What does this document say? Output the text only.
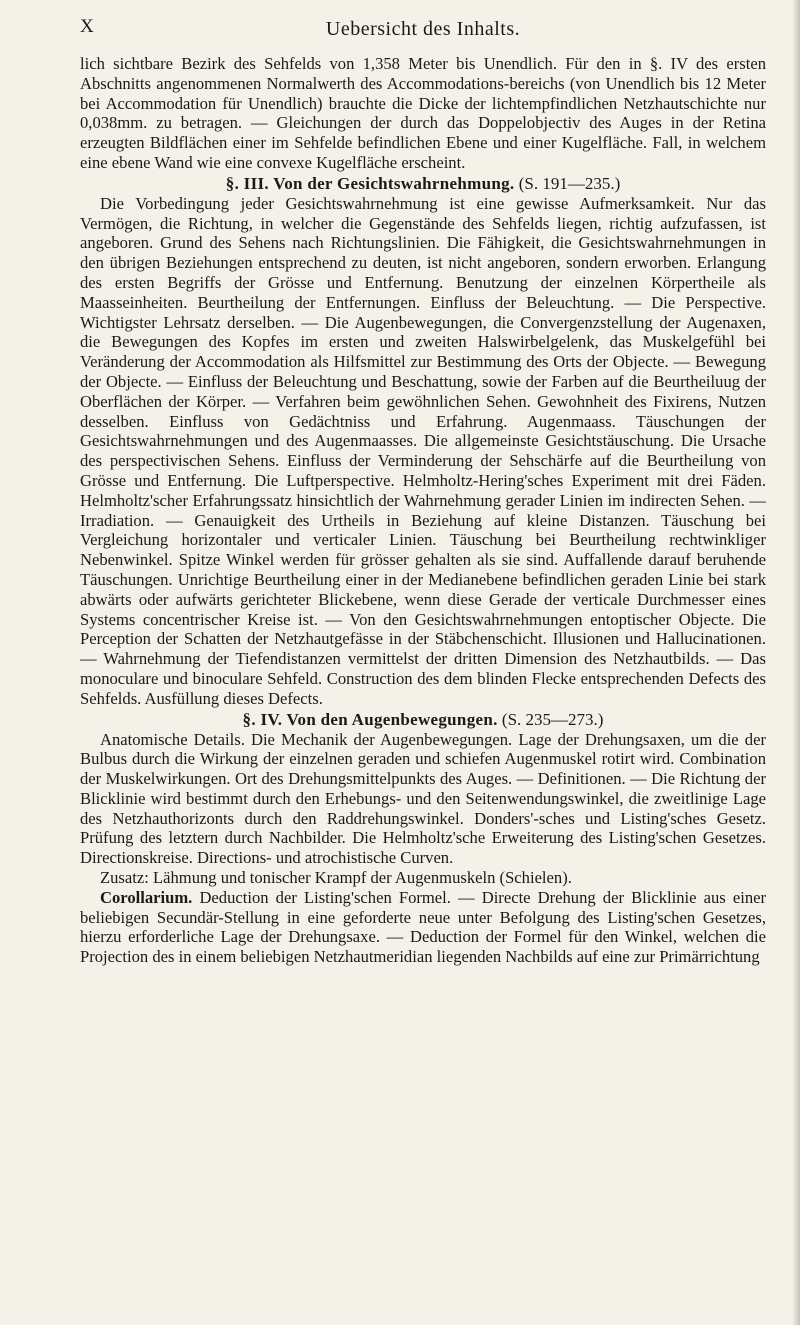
X	Uebersicht des Inhalts.

lich sichtbare Bezirk des Sehfelds von 1,358 Meter bis Unendlich. Für den in §. IV des ersten Abschnitts angenommenen Normalwerth des Accommodations-bereichs (von Unendlich bis 12 Meter bei Accommodation für Unendlich) brauchte die Dicke der lichtempfindlichen Netzhautschichte nur 0,038mm. zu betragen. — Gleichungen der durch das Doppelobjectiv des Auges in der Retina erzeugten Bildflächen einer im Sehfelde befindlichen Ebene und einer Kugelfläche. Fall, in welchem eine ebene Wand wie eine convexe Kugelfläche erscheint.

§. III. Von der Gesichtswahrnehmung. (S. 191—235.)

Die Vorbedingung jeder Gesichtswahrnehmung ist eine gewisse Aufmerksamkeit. Nur das Vermögen, die Richtung, in welcher die Gegenstände des Sehfelds liegen, richtig aufzufassen, ist angeboren. Grund des Sehens nach Richtungslinien. Die Fähigkeit, die Gesichtswahrnehmungen in den übrigen Beziehungen entsprechend zu deuten, ist nicht angeboren, sondern erworben. Erlangung des ersten Begriffs der Grösse und Entfernung. Benutzung der einzelnen Körpertheile als Maasseinheiten. Beurtheilung der Entfernungen. Einfluss der Beleuchtung. — Die Perspective. Wichtigster Lehrsatz derselben. — Die Augenbewegungen, die Convergenzstellung der Augenaxen, die Bewegungen des Kopfes im ersten und zweiten Halswirbelgelenk, das Muskelgefühl bei Veränderung der Accommodation als Hilfsmittel zur Bestimmung des Orts der Objecte. — Bewegung der Objecte. — Einfluss der Beleuchtung und Beschattung, sowie der Farben auf die Beurtheiluug der Oberflächen der Körper. — Verfahren beim gewöhnlichen Sehen. Gewohnheit des Fixirens, Nutzen desselben. Einfluss von Gedächtniss und Erfahrung. Augenmaass. Täuschungen der Gesichtswahrnehmungen und des Augenmaasses. Die allgemeinste Gesichtstäuschung. Die Ursache des perspectivischen Sehens. Einfluss der Verminderung der Sehschärfe auf die Beurtheilung von Grösse und Entfernung. Die Luftperspective. Helmholtz-Hering'sches Experiment mit drei Fäden. Helmholtz'scher Erfahrungssatz hinsichtlich der Wahrnehmung gerader Linien im indirecten Sehen. — Irradiation. — Genauigkeit des Urtheils in Beziehung auf kleine Distanzen. Täuschung bei Vergleichung horizontaler und verticaler Linien. Täuschung bei Beurtheilung rechtwinkliger Nebenwinkel. Spitze Winkel werden für grösser gehalten als sie sind. Auffallende darauf beruhende Täuschungen. Unrichtige Beurtheilung einer in der Medianebene befindlichen geraden Linie bei stark abwärts oder aufwärts gerichteter Blickebene, wenn diese Gerade der verticale Durchmesser eines Systems concentrischer Kreise ist. — Von den Gesichtswahrnehmungen entoptischer Objecte. Die Perception der Schatten der Netzhautgefässe in der Stäbchenschicht. Illusionen und Hallucinationen. — Wahrnehmung der Tiefendistanzen vermittelst der dritten Dimension des Netzhautbilds. — Das monoculare und binoculare Sehfeld. Construction des dem blinden Flecke entsprechenden Defects des Sehfelds. Ausfüllung dieses Defects.

§. IV. Von den Augenbewegungen. (S. 235—273.)

Anatomische Details. Die Mechanik der Augenbewegungen. Lage der Drehungsaxen, um die der Bulbus durch die Wirkung der einzelnen geraden und schiefen Augenmuskel rotirt wird. Combination der Muskelwirkungen. Ort des Drehungsmittelpunkts des Auges. — Definitionen. — Die Richtung der Blicklinie wird bestimmt durch den Erhebungs- und den Seitenwendungswinkel, die zweitlinige Lage des Netzhauthorizonts durch den Raddrehungswinkel. Donders'-sches und Listing'sches Gesetz. Prüfung des letztern durch Nachbilder. Die Helmholtz'sche Erweiterung des Listing'schen Gesetzes. Directionskreise. Directions- und atrochistische Curven.

Zusatz: Lähmung und tonischer Krampf der Augenmuskeln (Schielen).

Corollarium. Deduction der Listing'schen Formel. — Directe Drehung der Blicklinie aus einer beliebigen Secundär-Stellung in eine geforderte neue unter Befolgung des Listing'schen Gesetzes, hierzu erforderliche Lage der Drehungsaxe. — Deduction der Formel für den Winkel, welchen die Projection des in einem beliebigen Netzhautmeridian liegenden Nachbilds auf eine zur Primärrichtung
